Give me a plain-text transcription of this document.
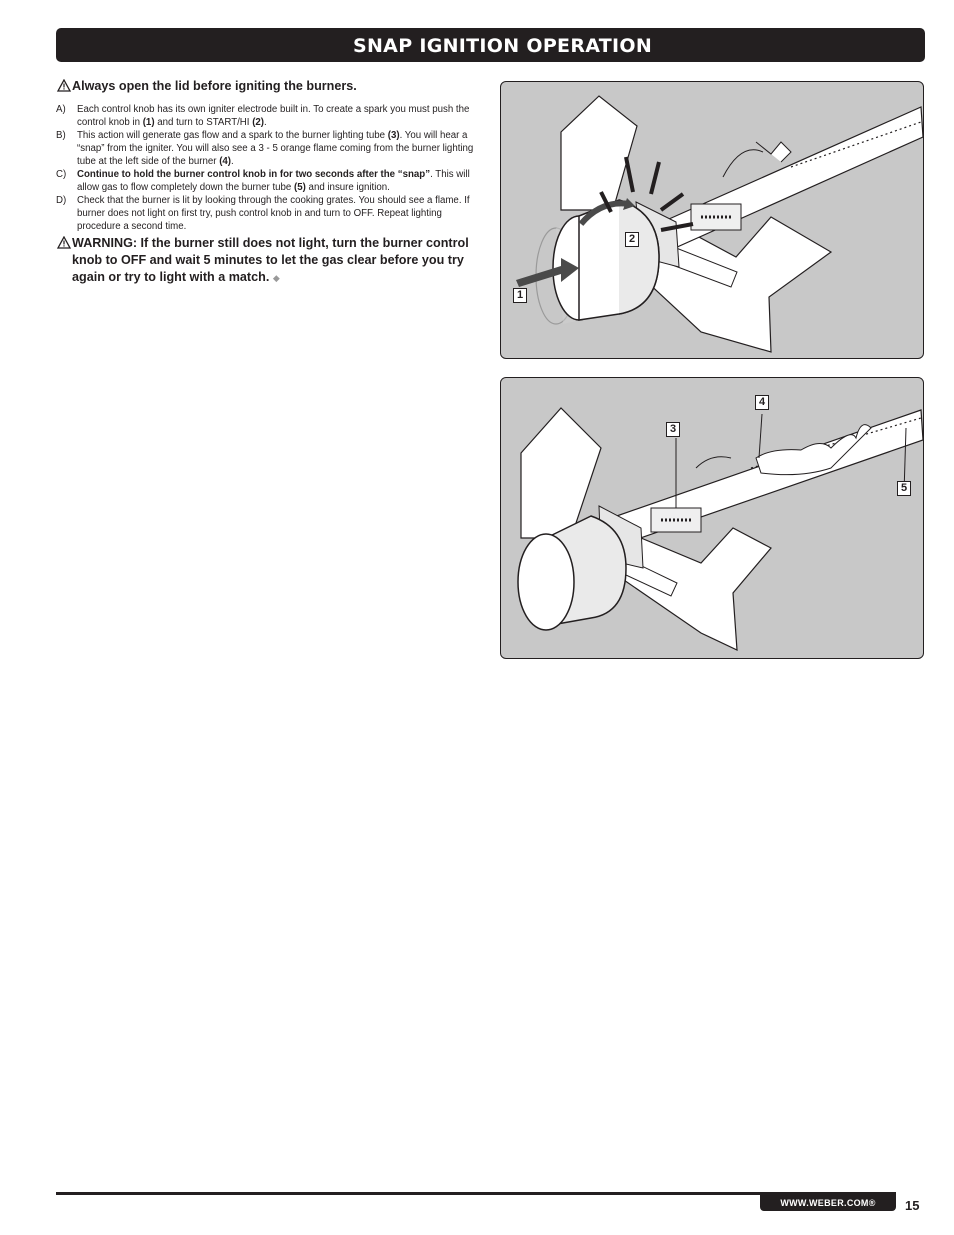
SNAP IGNITION OPERATION
Always open the lid before igniting the burners.
A)	Each control knob has its own igniter electrode built in. To create a spark you must push the control knob in (1) and turn to START/HI (2).
B)	This action will generate gas flow and a spark to the burner lighting tube (3). You will hear a “snap” from the igniter. You will also see a 3 - 5 orange flame coming from the burner lighting tube at the left side of the burner (4).
C)	Continue to hold the burner control knob in for two seconds after the “snap”. This will allow gas to flow completely down the burner tube (5) and insure ignition.
D)	Check that the burner is lit by looking through the cooking grates. You should see a flame. If burner does not light on first try, push control knob in and turn to OFF. Repeat lighting procedure a second time.
WARNING: If the burner still does not light, turn the burner control knob to OFF and wait 5 minutes to let the gas clear before you try again or try to light with a match. ◆
1
2
3
4
5
WWW.WEBER.COM®	15
